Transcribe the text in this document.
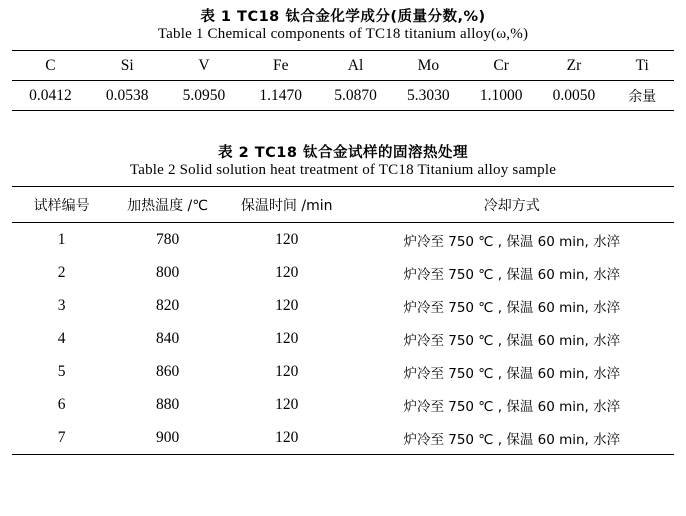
表 1 TC18 钛合金化学成分(质量分数,%)
Table 1 Chemical components of TC18 titanium alloy(ω,%)
C	Si	V	Fe	Al	Mo	Cr	Zr	Ti
0.0412	0.0538	5.0950	1.1470	5.0870	5.3030	1.1000	0.0050	余量
表 2 TC18 钛合金试样的固溶热处理
Table 2 Solid solution heat treatment of TC18 Titanium alloy sample
试样编号	加热温度 /℃	保温时间 /min	冷却方式
1	780	120	炉冷至 750 ℃ , 保温 60 min, 水淬
2	800	120	炉冷至 750 ℃ , 保温 60 min, 水淬
3	820	120	炉冷至 750 ℃ , 保温 60 min, 水淬
4	840	120	炉冷至 750 ℃ , 保温 60 min, 水淬
5	860	120	炉冷至 750 ℃ , 保温 60 min, 水淬
6	880	120	炉冷至 750 ℃ , 保温 60 min, 水淬
7	900	120	炉冷至 750 ℃ , 保温 60 min, 水淬
